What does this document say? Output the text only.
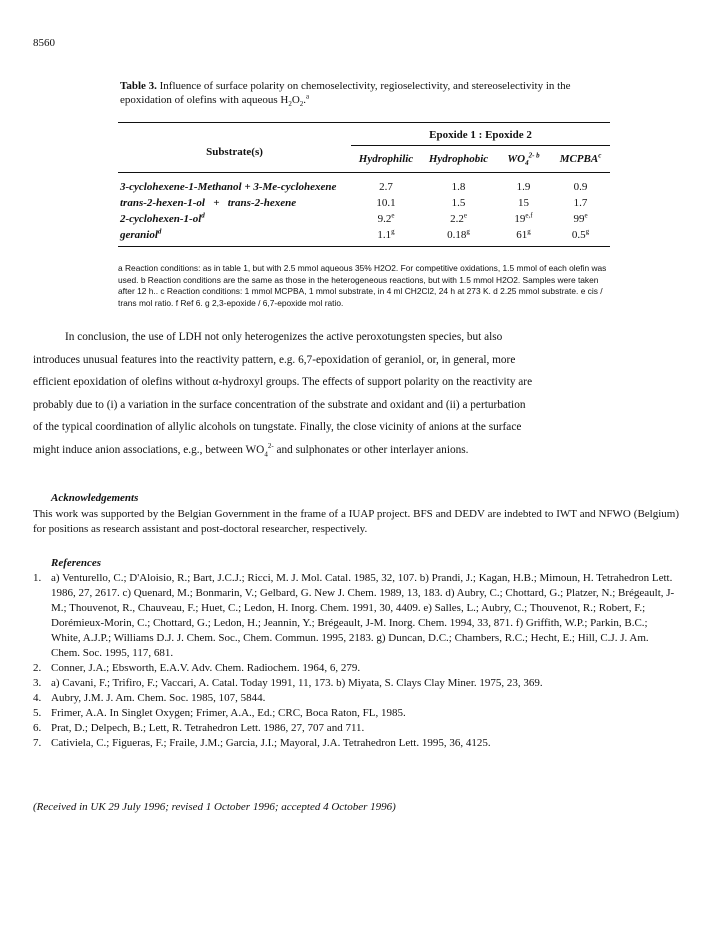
8560
Table 3. Influence of surface polarity on chemoselectivity, regioselectivity, and stereoselectivity in the epoxidation of olefins with aqueous $H_2O_2.^a$
	Epoxide 1 : Epoxide 2			

Substrate(s)	Hydrophilic	Hydrophobic	$WO_4^{2- b}$	MCPBA$^c$

3-cyclohexene-1-Methanol + 3-Me-cyclohexene	2.7	1.8	1.9	0.9
trans-2-hexen-1-ol   +   trans-2-hexene	10.1	1.5	15	1.7
$2-cyclohexen-1-ol^d$	9.2e	2.2e	19$^{e,f}$	99e
geraniol$^d$	1.1$^g$	0.18$^g$	61$^g$	0.5$^g$

a Reaction conditions: as in table 1, but with 2.5 mmol aqueous 35% H2O2. For competitive oxidations, 1.5 mmol of each olefin was used. b Reaction conditions are the same as those in the heterogeneous reactions, but with 1.5 mmol H2O2. Samples were taken after 12 h.. c Reaction conditions: 1 mmol MCPBA, 1 mmol substrate, in 4 ml CH2Cl2, 24 h at 273 K. d 2.25 mmol substrate. e cis / trans mol ratio. f Ref 6. g 2,3-epoxide / 6,7-epoxide mol ratio.

In conclusion, the use of LDH not only heterogenizes the active peroxotungsten species, but also

introduces unusual features into the reactivity pattern, e.g. 6,7-epoxidation of geraniol, or, in general, more
efficient epoxidation of olefins without α-hydroxyl groups. The effects of support polarity on the reactivity are
probably due to (i) a variation in the surface concentration of the substrate and oxidant and (ii) a perturbation
of the typical coordination of allylic alcohols on tungstate. Finally, the close vicinity of anions at the surface
might induce anion associations, e.g., between $WO_4^{2-}$ and sulphonates or other interlayer anions.
Acknowledgements
This work was supported by the Belgian Government in the frame of a IUAP project. BFS and DEDV are indebted to IWT and NFWO (Belgium) for positions as research assistant and post-doctoral researcher, respectively.
References
1. a) Venturello, C.; D'Aloisio, R.; Bart, J.C.J.; Ricci, M. J. Mol. Catal. 1985, 32, 107. b) Prandi, J.; Kagan, H.B.; Mimoun, H. Tetrahedron Lett. 1986, 27, 2617. c) Quenard, M.; Bonmarin, V.; Gelbard, G. New J. Chem. 1989, 13, 183. d) Aubry, C.; Chottard, G.; Platzer, N.; Brégeault, J-M.; Thouvenot, R., Chauveau, F.; Huet, C.; Ledon, H. Inorg. Chem. 1991, 30, 4409. e) Salles, L.; Aubry, C.; Thouvenot, R.; Robert, F.; Dorémieux-Morin, C.; Chottard, G.; Ledon, H.; Jeannin, Y.; Brégeault, J-M. Inorg. Chem. 1994, 33, 871. f) Griffith, W.P.; Parkin, B.C.; White, A.J.P.; Williams D.J. J. Chem. Soc., Chem. Commun. 1995, 2183. g) Duncan, D.C.; Chambers, R.C.; Hecht, E.; Hill, C.J. J. Am. Chem. Soc. 1995, 117, 681.
2. Conner, J.A.; Ebsworth, E.A.V. Adv. Chem. Radiochem. 1964, 6, 279.
3. a) Cavani, F.; Trifiro, F.; Vaccari, A. Catal. Today 1991, 11, 173. b) Miyata, S. Clays Clay Miner. 1975, 23, 369.
4. Aubry, J.M. J. Am. Chem. Soc. 1985, 107, 5844.
5. Frimer, A.A. In Singlet Oxygen; Frimer, A.A., Ed.; CRC, Boca Raton, FL, 1985.
6. Prat, D.; Delpech, B.; Lett, R. Tetrahedron Lett. 1986, 27, 707 and 711.
7. Cativiela, C.; Figueras, F.; Fraile, J.M.; Garcia, J.I.; Mayoral, J.A. Tetrahedron Lett. 1995, 36, 4125.
(Received in UK 29 July 1996; revised 1 October 1996; accepted 4 October 1996)
